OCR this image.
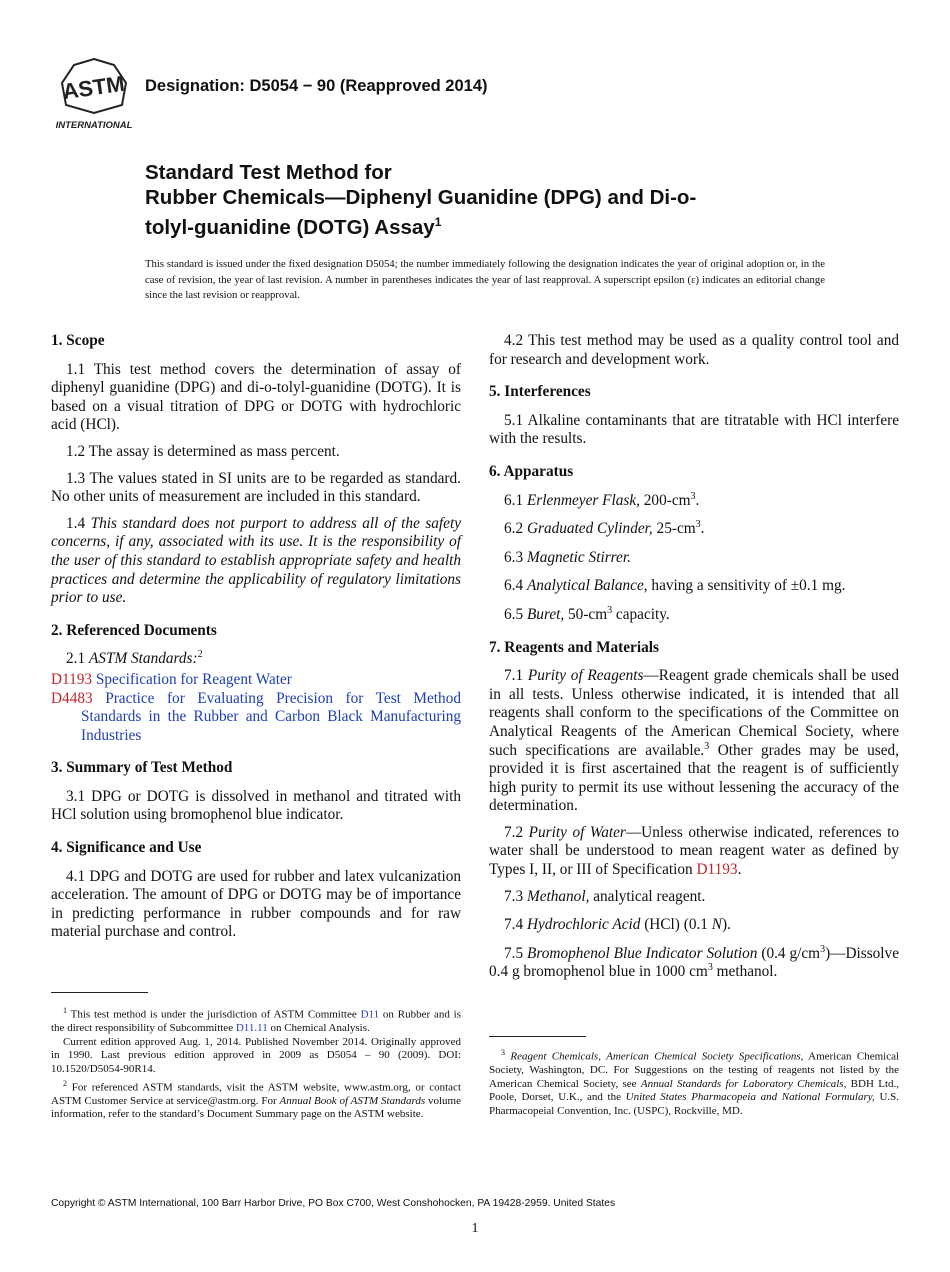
ASTM
INTERNATIONAL
Designation: D5054 − 90 (Reapproved 2014)
Standard Test Method for
Rubber Chemicals—Diphenyl Guanidine (DPG) and Di-o-
tolyl-guanidine (DOTG) Assay$^1$
This standard is issued under the fixed designation D5054; the number immediately following the designation indicates the year of original adoption or, in the case of revision, the year of last revision. A number in parentheses indicates the year of last reapproval. A superscript epsilon (ε) indicates an editorial change since the last revision or reapproval.
1. Scope

1.1 This test method covers the determination of assay of diphenyl guanidine (DPG) and di-o-tolyl-guanidine (DOTG). It is based on a visual titration of DPG or DOTG with hydrochloric acid (HCl).

1.2 The assay is determined as mass percent.

1.3 The values stated in SI units are to be regarded as standard. No other units of measurement are included in this standard.

1.4 This standard does not purport to address all of the safety concerns, if any, associated with its use. It is the responsibility of the user of this standard to establish appropriate safety and health practices and determine the applicability of regulatory limitations prior to use.

2. Referenced Documents

2.1 ASTM Standards:$^2$

D1193 Specification for Reagent Water
D4483 Practice for Evaluating Precision for Test Method Standards in the Rubber and Carbon Black Manufacturing Industries
3. Summary of Test Method

3.1 DPG or DOTG is dissolved in methanol and titrated with HCl solution using bromophenol blue indicator.

4. Significance and Use

4.1 DPG and DOTG are used for rubber and latex vulcanization acceleration. The amount of DPG or DOTG may be of importance in predicting performance in rubber compounds and for raw material purchase and control.

$^1$ This test method is under the jurisdiction of ASTM Committee D11 on Rubber and is the direct responsibility of Subcommittee D11.11 on Chemical Analysis.

Current edition approved Aug. 1, 2014. Published November 2014. Originally approved in 1990. Last previous edition approved in 2009 as D5054 – 90 (2009). DOI: 10.1520/D5054-90R14.

$^2$ For referenced ASTM standards, visit the ASTM website, www.astm.org, or contact ASTM Customer Service at service@astm.org. For Annual Book of ASTM Standards volume information, refer to the standard’s Document Summary page on the ASTM website.

4.2 This test method may be used as a quality control tool and for research and development work.

5. Interferences

5.1 Alkaline contaminants that are titratable with HCl interfere with the results.

6. Apparatus

6.1 Erlenmeyer Flask, $200-cm^3$.

6.2 Graduated Cylinder, $25-cm^3$.

6.3 Magnetic Stirrer.

6.4 Analytical Balance, having a sensitivity of ±0.1 mg.

6.5 Buret, $50-cm^3$ capacity.

7. Reagents and Materials

7.1 Purity of Reagents—Reagent grade chemicals shall be used in all tests. Unless otherwise indicated, it is intended that all reagents shall conform to the specifications of the Committee on Analytical Reagents of the American Chemical Society, where such specifications are available.$^3$ Other grades may be used, provided it is first ascertained that the reagent is of sufficiently high purity to permit its use without lessening the accuracy of the determination.

7.2 Purity of Water—Unless otherwise indicated, references to water shall be understood to mean reagent water as defined by Types I, II, or III of Specification D1193.

7.3 Methanol, analytical reagent.

7.4 Hydrochloric Acid (HCl) (0.1 N).

7.5 Bromophenol Blue Indicator Solution (0.4 $g/cm^3)—Dissolve$ 0.4 g bromophenol blue in 1000 $cm^3$ methanol.

$^3$ Reagent Chemicals, American Chemical Society Specifications, American Chemical Society, Washington, DC. For Suggestions on the testing of reagents not listed by the American Chemical Society, see Annual Standards for Laboratory Chemicals, BDH Ltd., Poole, Dorset, U.K., and the United States Pharmacopeia and National Formulary, U.S. Pharmacopeial Convention, Inc. (USPC), Rockville, MD.

Copyright © ASTM International, 100 Barr Harbor Drive, PO Box C700, West Conshohocken, PA 19428-2959. United States
1
